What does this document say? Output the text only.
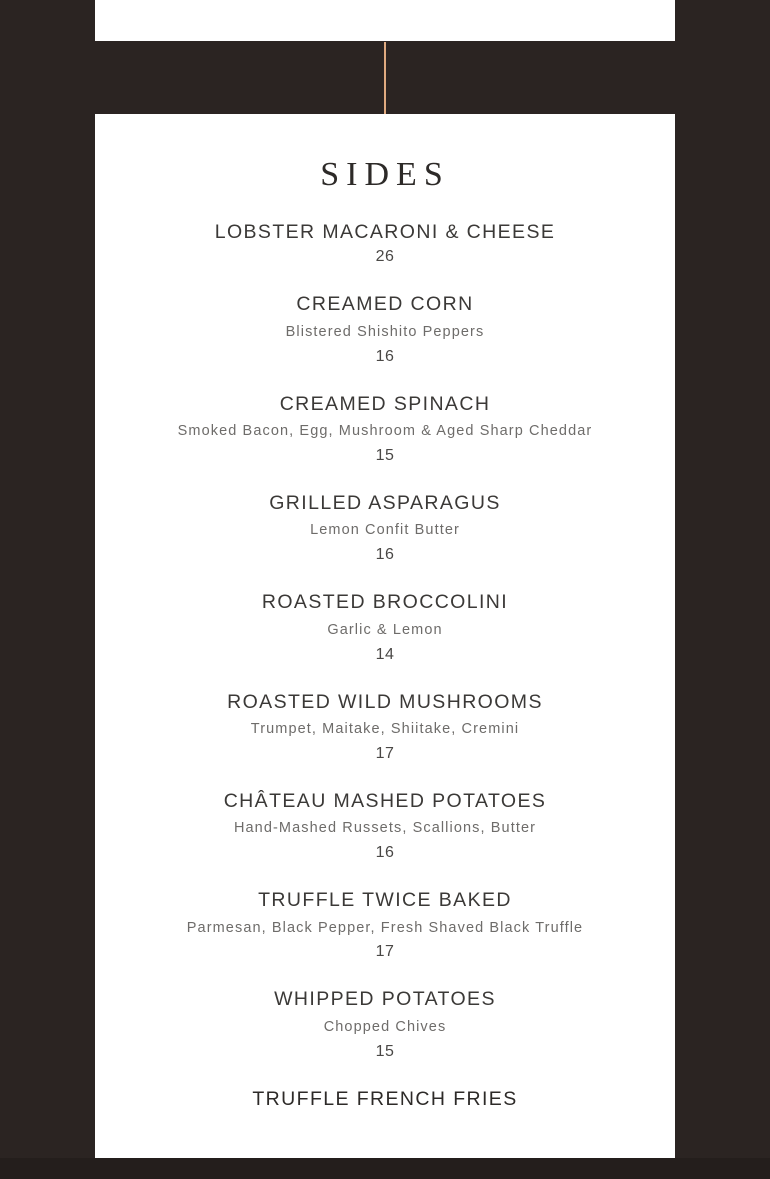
SIDES
LOBSTER MACARONI & CHEESE
26
CREAMED CORN
Blistered Shishito Peppers
16
CREAMED SPINACH
Smoked Bacon, Egg, Mushroom & Aged Sharp Cheddar
15
GRILLED ASPARAGUS
Lemon Confit Butter
16
ROASTED BROCCOLINI
Garlic & Lemon
14
ROASTED WILD MUSHROOMS
Trumpet, Maitake, Shiitake, Cremini
17
CHÂTEAU MASHED POTATOES
Hand-Mashed Russets, Scallions, Butter
16
TRUFFLE TWICE BAKED
Parmesan, Black Pepper, Fresh Shaved Black Truffle
17
WHIPPED POTATOES
Chopped Chives
15
TRUFFLE FRENCH FRIES
